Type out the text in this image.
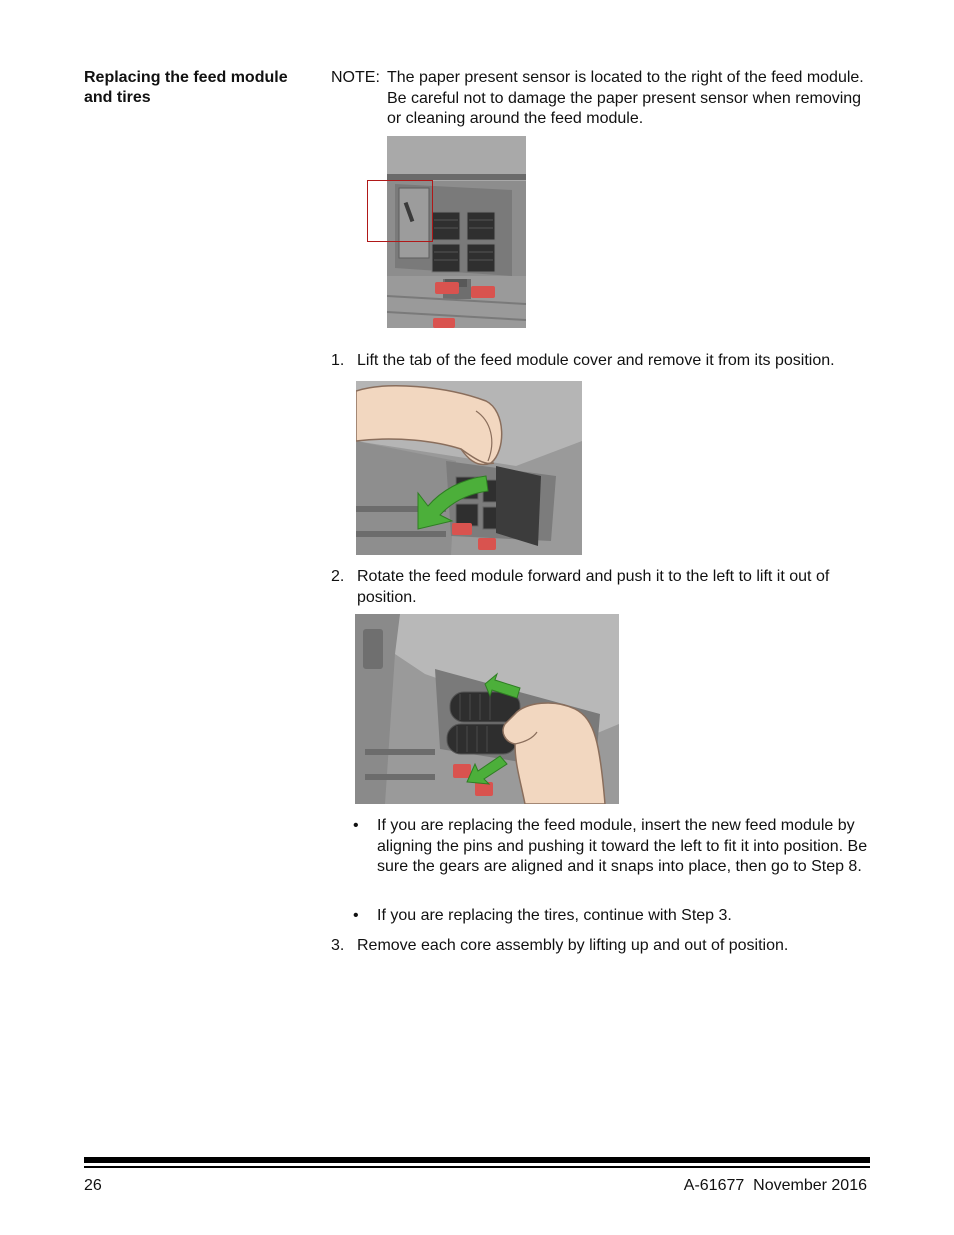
Replacing the feed module and tires
NOTE: The paper present sensor is located to the right of the feed module. Be careful not to damage the paper present sensor when removing or cleaning around the feed module.
1. Lift the tab of the feed module cover and remove it from its position.
2. Rotate the feed module forward and push it to the left to lift it out of position.
• If you are replacing the feed module, insert the new feed module by aligning the pins and pushing it toward the left to fit it into position. Be sure the gears are aligned and it snaps into place, then go to Step 8.
• If you are replacing the tires, continue with Step 3.
3. Remove each core assembly by lifting up and out of position.
26	A-61677  November 2016
